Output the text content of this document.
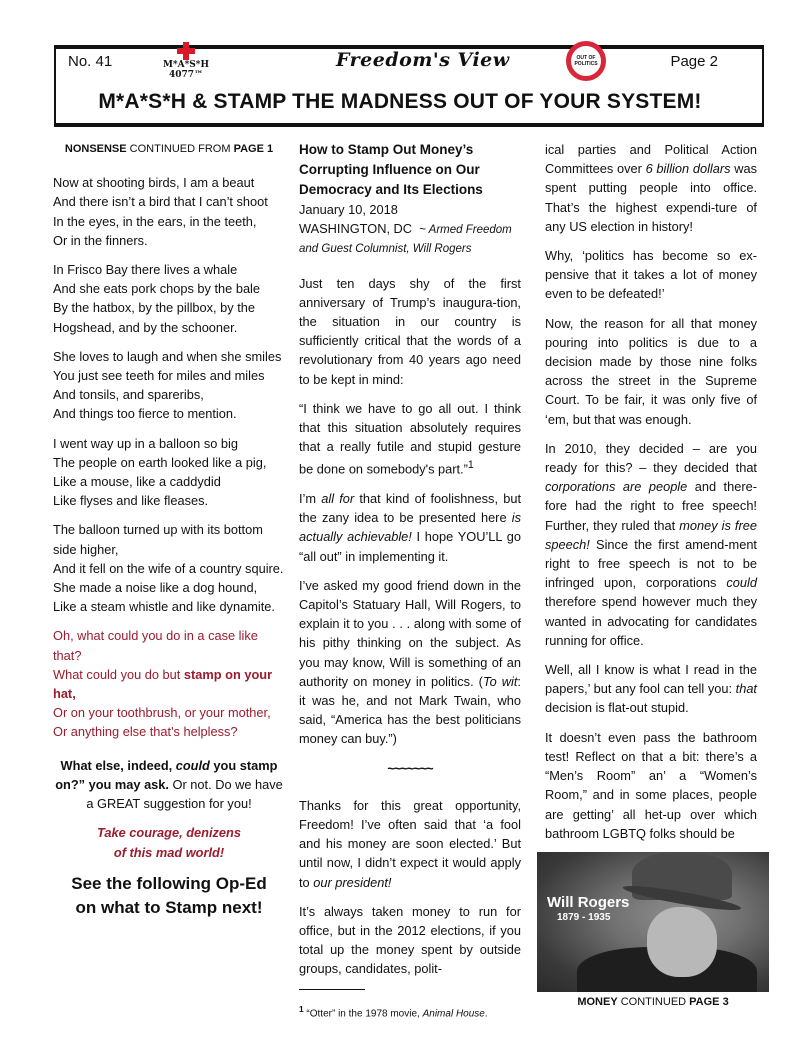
No. 41	M*A*S*H
4077™
Freedom's View	OUT OF POLITICS	Page 2
M*A*S*H & STAMP THE MADNESS OUT OF YOUR SYSTEM!

NONSENSE CONTINUED FROM PAGE 1

Now at shooting birds, I am a beaut
And there isn’t a bird that I can’t shoot
In the eyes, in the ears, in the teeth,
Or in the finners.

In Frisco Bay there lives a whale
And she eats pork chops by the bale
By the hatbox, by the pillbox, by the
Hogshead, and by the schooner.

She loves to laugh and when she smiles
You just see teeth for miles and miles
And tonsils, and spareribs,
And things too fierce to mention.

I went way up in a balloon so big
The people on earth looked like a pig,
Like a mouse, like a caddydid
Like flyses and like fleases.

The balloon turned up with its bottom side higher,
And it fell on the wife of a country squire.
She made a noise like a dog hound,
Like a steam whistle and like dynamite.

Oh, what could you do in a case like that?
What could you do but stamp on your hat,
Or on your toothbrush, or your mother,
Or anything else that's helpless?

What else, indeed, could you stamp on?” you may ask. Or not. Do we have a GREAT suggestion for you!

Take courage, denizens
of this mad world!

See the following Op-Ed
on what to Stamp next!

How to Stamp Out Money’s
Corrupting Influence on Our
Democracy and Its Elections

January 10, 2018

WASHINGTON, DC ~ Armed Freedom

and Guest Columnist, Will Rogers

Just ten days shy of the first anniversary of Trump’s inaugura-tion, the situation in our country is sufficiently critical that the words of a revolutionary from 40 years ago need to be kept in mind:

“I think we have to go all out. I think that this situation absolutely requires that a really futile and stupid gesture be done on somebody's part.”$^1$

I’m all for that kind of foolishness, but the zany idea to be presented here is actually achievable! I hope YOU’LL go “all out” in implementing it.

I’ve asked my good friend down in the Capitol’s Statuary Hall, Will Rogers, to explain it to you . . . along with some of his pithy thinking on the subject. As you may know, Will is something of an authority on money in politics. (To wit: it was he, and not Mark Twain, who said, “America has the best politicians money can buy.”)

~~~~~~~

Thanks for this great opportunity, Freedom! I’ve often said that ‘a fool and his money are soon elected.’ But until now, I didn’t expect it would apply to our president!

It’s always taken money to run for office, but in the 2012 elections, if you total up the money spent by outside groups, candidates, polit-

$^1$ “Otter” in the 1978 movie, Animal House.

ical parties and Political Action Committees over 6 billion dollars was spent putting people into office. That’s the highest expendi-ture of any US election in history!

Why, ‘politics has become so ex-pensive that it takes a lot of money even to be defeated!’

Now, the reason for all that money pouring into politics is due to a decision made by those nine folks across the street in the Supreme Court. To be fair, it was only five of ‘em, but that was enough.

In 2010, they decided – are you ready for this? – they decided that corporations are people and there-fore had the right to free speech! Further, they ruled that money is free speech! Since the first amend-ment right to free speech is not to be infringed upon, corporations could therefore spend however much they wanted in advocating for candidates running for office.

Well, all I know is what I read in the papers,’ but any fool can tell you: that decision is flat-out stupid.

It doesn’t even pass the bathroom test! Reflect on that a bit: there’s a “Men’s Room” an’ a “Women’s Room,” and in some places, people are getting’ all het-up over which bathroom LGBTQ folks should be

Will Rogers
1879 - 1935
MONEY CONTINUED PAGE 3
